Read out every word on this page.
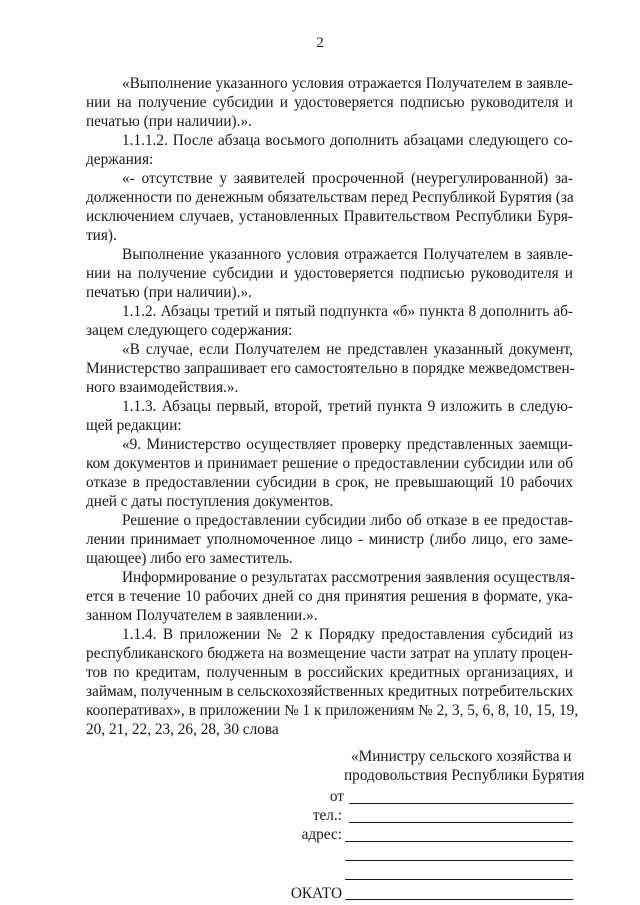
2
«Выполнение указанного условия отражается Получателем в заявле-
нии на получение субсидии и удостоверяется подписью руководителя и
печатью (при наличии).».
1.1.1.2. После абзаца восьмого дополнить абзацами следующего со-
держания:
«- отсутствие у заявителей просроченной (неурегулированной) за-
долженности по денежным обязательствам перед Республикой Бурятия (за
исключением случаев, установленных Правительством Республики Буря-
тия).
Выполнение указанного условия отражается Получателем в заявле-
нии на получение субсидии и удостоверяется подписью руководителя и
печатью (при наличии).».
1.1.2. Абзацы третий и пятый подпункта «б» пункта 8 дополнить аб-
зацем следующего содержания:
«В случае, если Получателем не представлен указанный документ,
Министерство запрашивает его самостоятельно в порядке межведомствен-
ного взаимодействия.».
1.1.3. Абзацы первый, второй, третий пункта 9 изложить в следую-
щей редакции:
«9. Министерство осуществляет проверку представленных заемщи-
ком документов и принимает решение о предоставлении субсидии или об
отказе в предоставлении субсидии в срок, не превышающий 10 рабочих
дней с даты поступления документов.
Решение о предоставлении субсидии либо об отказе в ее предостав-
лении принимает уполномоченное лицо - министр (либо лицо, его заме-
щающее) либо его заместитель.
Информирование о результатах рассмотрения заявления осуществля-
ется в течение 10 рабочих дней со дня принятия решения в формате, ука-
занном Получателем в заявлении.».
1.1.4. В приложении № 2 к Порядку предоставления субсидий из
республиканского бюджета на возмещение части затрат на уплату процен-
тов по кредитам, полученным в российских кредитных организациях, и
займам, полученным в сельскохозяйственных кредитных потребительских
кооперативах», в приложении № 1 к приложениям № 2, 3, 5, 6, 8, 10, 15, 19,
20, 21, 22, 23, 26, 28, 30 слова
«Министру сельского хозяйства и
продовольствия Республики Бурятия
от
тел.:
адрес:
ОКАТО
